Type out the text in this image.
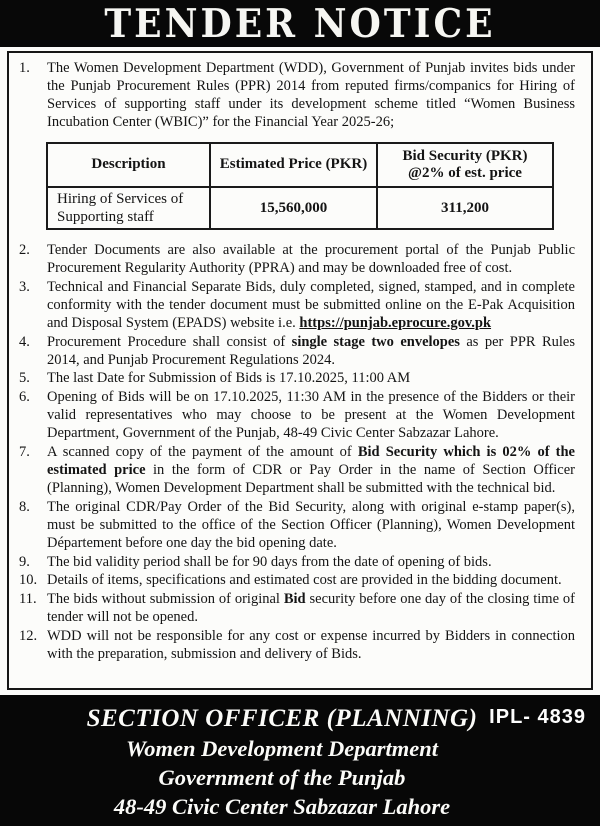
TENDER NOTICE
1.	The Women Development Department (WDD), Government of Punjab invites bids under the Punjab Procurement Rules (PPR) 2014 from reputed firms/companics for Hiring of Services of supporting staff under its development scheme titled “Women Business Incubation Center (WBIC)” for the Financial Year 2025-26;
Description	Estimated Price (PKR)	Bid Security (PKR) @2% of est. price
Hiring of Services of Supporting staff	15,560,000	311,200
2.	Tender Documents are also available at the procurement portal of the Punjab Public Procurement Regularity Authority (PPRA) and may be downloaded free of cost.
3.	Technical and Financial Separate Bids, duly completed, signed, stamped, and in complete conformity with the tender document must be submitted online on the E-Pak Acquisition and Disposal System (EPADS) website i.e. https://punjab.eprocure.gov.pk
4.	Procurement Procedure shall consist of single stage two envelopes as per PPR Rules 2014, and Punjab Procurement Regulations 2024.
5.	The last Date for Submission of Bids is 17.10.2025, 11:00 AM
6.	Opening of Bids will be on 17.10.2025, 11:30 AM in the presence of the Bidders or their valid representatives who may choose to be present at the Women Development Department, Government of the Punjab, 48-49 Civic Center Sabzazar Lahore.
7.	A scanned copy of the payment of the amount of Bid Security which is 02% of the estimated price in the form of CDR or Pay Order in the name of Section Officer (Planning), Women Development Department shall be submitted with the technical bid.
8.	The original CDR/Pay Order of the Bid Security, along with original e-stamp paper(s), must be submitted to the office of the Section Officer (Planning), Women Development Département before one day the bid opening date.
9.	The bid validity period shall be for 90 days from the date of opening of bids.
10. Details of items, specifications and estimated cost are provided in the bidding document.
11. The bids without submission of original Bid security before one day of the closing time of tender will not be opened.
12. WDD will not be responsible for any cost or expense incurred by Bidders in connection with the preparation, submission and delivery of Bids.
SECTION OFFICER (PLANNING)
Women Development Department
Government of the Punjab
48-49 Civic Center Sabzazar Lahore
IPL- 4839
